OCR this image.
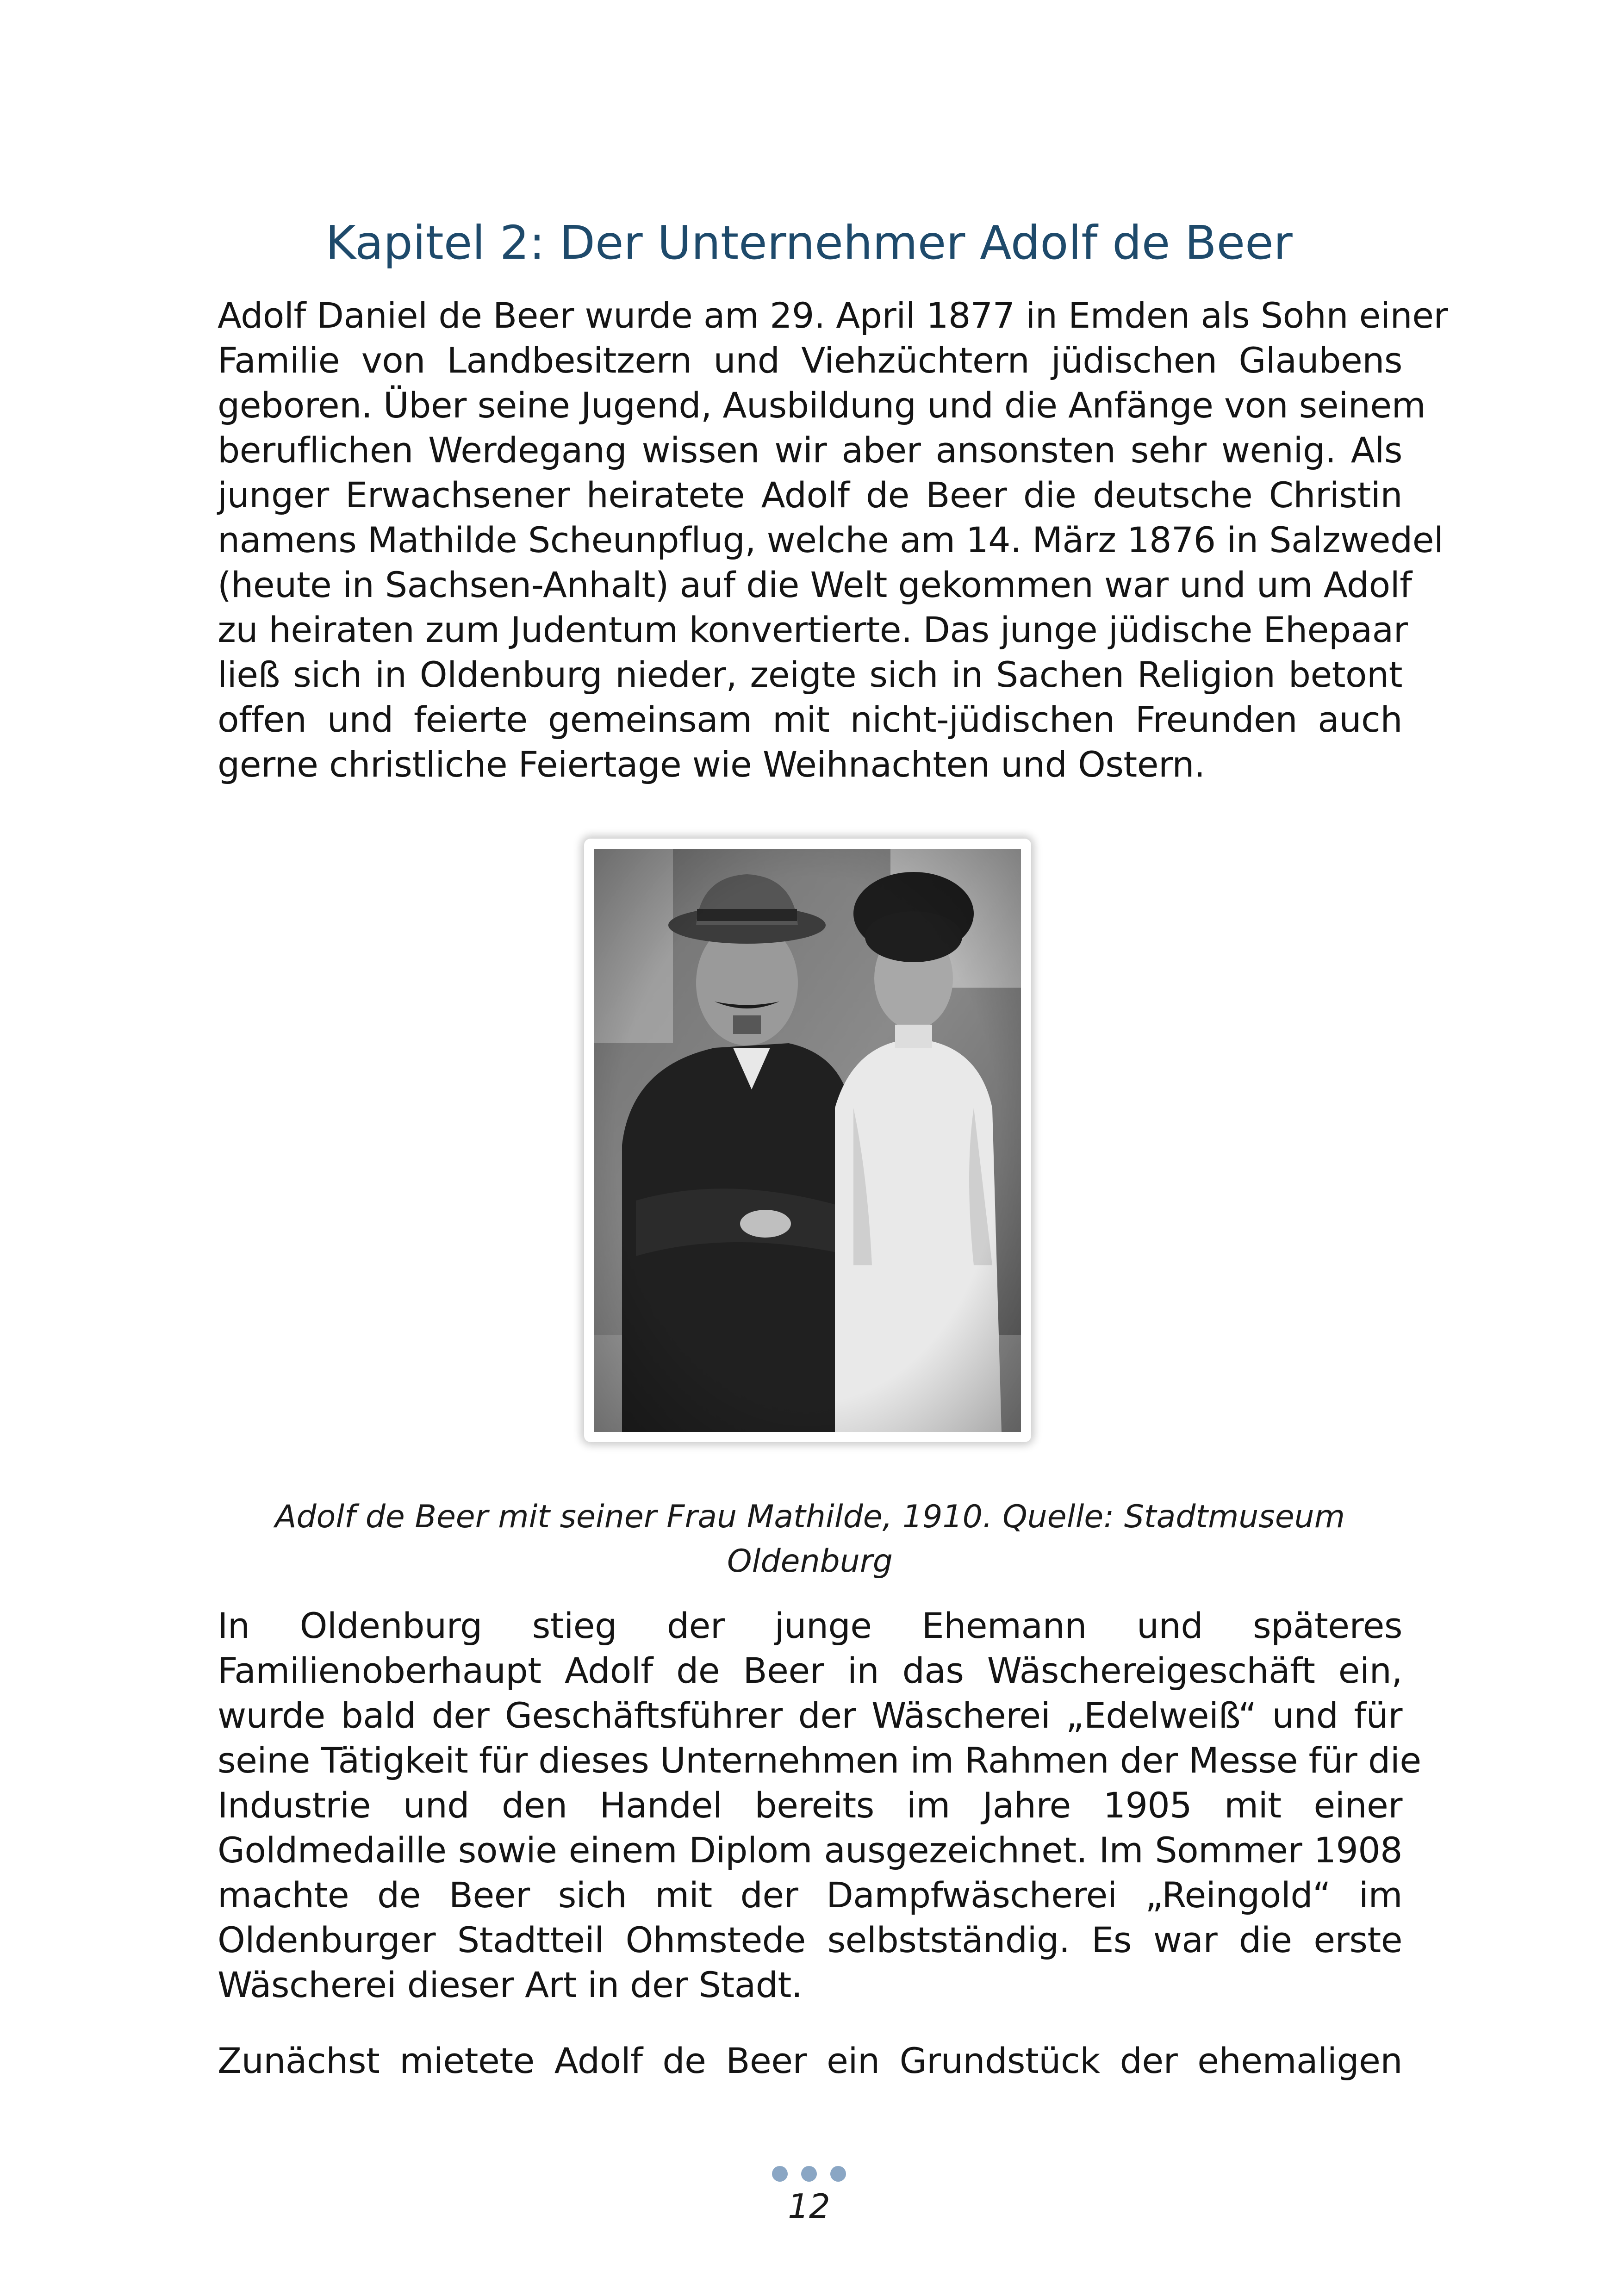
Kapitel 2: Der Unternehmer Adolf de Beer
Adolf Daniel de Beer wurde am 29. April 1877 in Emden als Sohn einer
Familie von Landbesitzern und Viehzüchtern jüdischen Glaubens
geboren. Über seine Jugend, Ausbildung und die Anfänge von seinem
beruflichen Werdegang wissen wir aber ansonsten sehr wenig. Als
junger Erwachsener heiratete Adolf de Beer die deutsche Christin
namens Mathilde Scheunpflug, welche am 14. März 1876 in Salzwedel
(heute in Sachsen-Anhalt) auf die Welt gekommen war und um Adolf
zu heiraten zum Judentum konvertierte. Das junge jüdische Ehepaar
ließ sich in Oldenburg nieder, zeigte sich in Sachen Religion betont
offen und feierte gemeinsam mit nicht-jüdischen Freunden auch
gerne christliche Feiertage wie Weihnachten und Ostern.
Adolf de Beer mit seiner Frau Mathilde, 1910. Quelle: Stadtmuseum
Oldenburg
In Oldenburg stieg der junge Ehemann und späteres
Familienoberhaupt Adolf de Beer in das Wäschereigeschäft ein,
wurde bald der Geschäftsführer der Wäscherei „Edelweiß“ und für
seine Tätigkeit für dieses Unternehmen im Rahmen der Messe für die
Industrie und den Handel bereits im Jahre 1905 mit einer
Goldmedaille sowie einem Diplom ausgezeichnet. Im Sommer 1908
machte de Beer sich mit der Dampfwäscherei „Reingold“ im
Oldenburger Stadtteil Ohmstede selbstständig. Es war die erste
Wäscherei dieser Art in der Stadt.
Zunächst mietete Adolf de Beer ein Grundstück der ehemaligen
12
